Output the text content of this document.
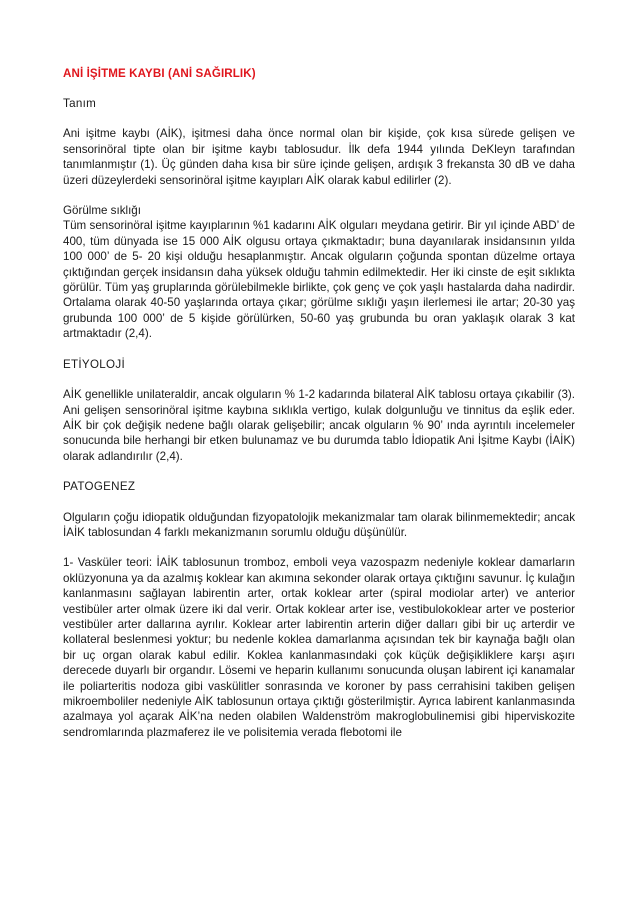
ANİ İŞİTME KAYBI (ANİ SAĞIRLIK)
Tanım

Ani işitme kaybı (AİK), işitmesi daha önce normal olan bir kişide, çok kısa sürede gelişen ve sensorinöral tipte olan bir işitme kaybı tablosudur. İlk defa 1944 yılında DeKleyn tarafından tanımlanmıştır (1). Üç günden daha kısa bir süre içinde gelişen, ardışık 3 frekansta 30 dB ve daha üzeri düzeylerdeki sensorinöral işitme kayıpları AİK olarak kabul edilirler (2).

Görülme sıklığı

Tüm sensorinöral işitme kayıplarının %1 kadarını AİK olguları meydana getirir. Bir yıl içinde ABD’ de 400, tüm dünyada ise 15 000 AİK olgusu ortaya çıkmaktadır; buna dayanılarak insidansının yılda 100 000’ de 5- 20 kişi olduğu hesaplanmıştır. Ancak olguların çoğunda spontan düzelme ortaya çıktığından gerçek insidansın daha yüksek olduğu tahmin edilmektedir. Her iki cinste de eşit sıklıkta görülür. Tüm yaş gruplarında görülebilmekle birlikte, çok genç ve çok yaşlı hastalarda daha nadirdir. Ortalama olarak 40-50 yaşlarında ortaya çıkar; görülme sıklığı yaşın ilerlemesi ile artar; 20-30 yaş grubunda 100 000’ de 5 kişide görülürken, 50-60 yaş grubunda bu oran yaklaşık olarak 3 kat artmaktadır (2,4).

ETİYOLOJİ

AİK genellikle unilateraldir, ancak olguların % 1-2 kadarında bilateral AİK tablosu ortaya çıkabilir (3). Ani gelişen sensorinöral işitme kaybına sıklıkla vertigo, kulak dolgunluğu ve tinnitus da eşlik eder. AİK bir çok değişik nedene bağlı olarak gelişebilir; ancak olguların % 90’ ında ayrıntılı incelemeler sonucunda bile herhangi bir etken bulunamaz ve bu durumda tablo İdiopatik Ani İşitme Kaybı (İAİK) olarak adlandırılır (2,4).

PATOGENEZ

Olguların çoğu idiopatik olduğundan fizyopatolojik mekanizmalar tam olarak bilinmemektedir; ancak İAİK tablosundan 4 farklı mekanizmanın sorumlu olduğu düşünülür.

1- Vasküler teori: İAİK tablosunun tromboz, emboli veya vazospazm nedeniyle koklear damarların oklüzyonuna ya da azalmış koklear kan akımına sekonder olarak ortaya çıktığını savunur. İç kulağın kanlanmasını sağlayan labirentin arter, ortak koklear arter (spiral modiolar arter) ve anterior vestibüler arter olmak üzere iki dal verir. Ortak koklear arter ise, vestibulokoklear arter ve posterior vestibüler arter dallarına ayrılır. Koklear arter labirentin arterin diğer dalları gibi bir uç arterdir ve kollateral beslenmesi yoktur; bu nedenle koklea damarlanma açısından tek bir kaynağa bağlı olan bir uç organ olarak kabul edilir. Koklea kanlanmasındaki çok küçük değişikliklere karşı aşırı derecede duyarlı bir organdır. Lösemi ve heparin kullanımı sonucunda oluşan labirent içi kanamalar ile poliarteritis nodoza gibi vaskülitler sonrasında ve koroner by pass cerrahisini takiben gelişen mikroemboliler nedeniyle AİK tablosunun ortaya çıktığı gösterilmiştir. Ayrıca labirent kanlanmasında azalmaya yol açarak AİK’na neden olabilen Waldenström makroglobulinemisi gibi hiperviskozite sendromlarında plazmaferez ile ve polisitemia verada flebotomi ile
